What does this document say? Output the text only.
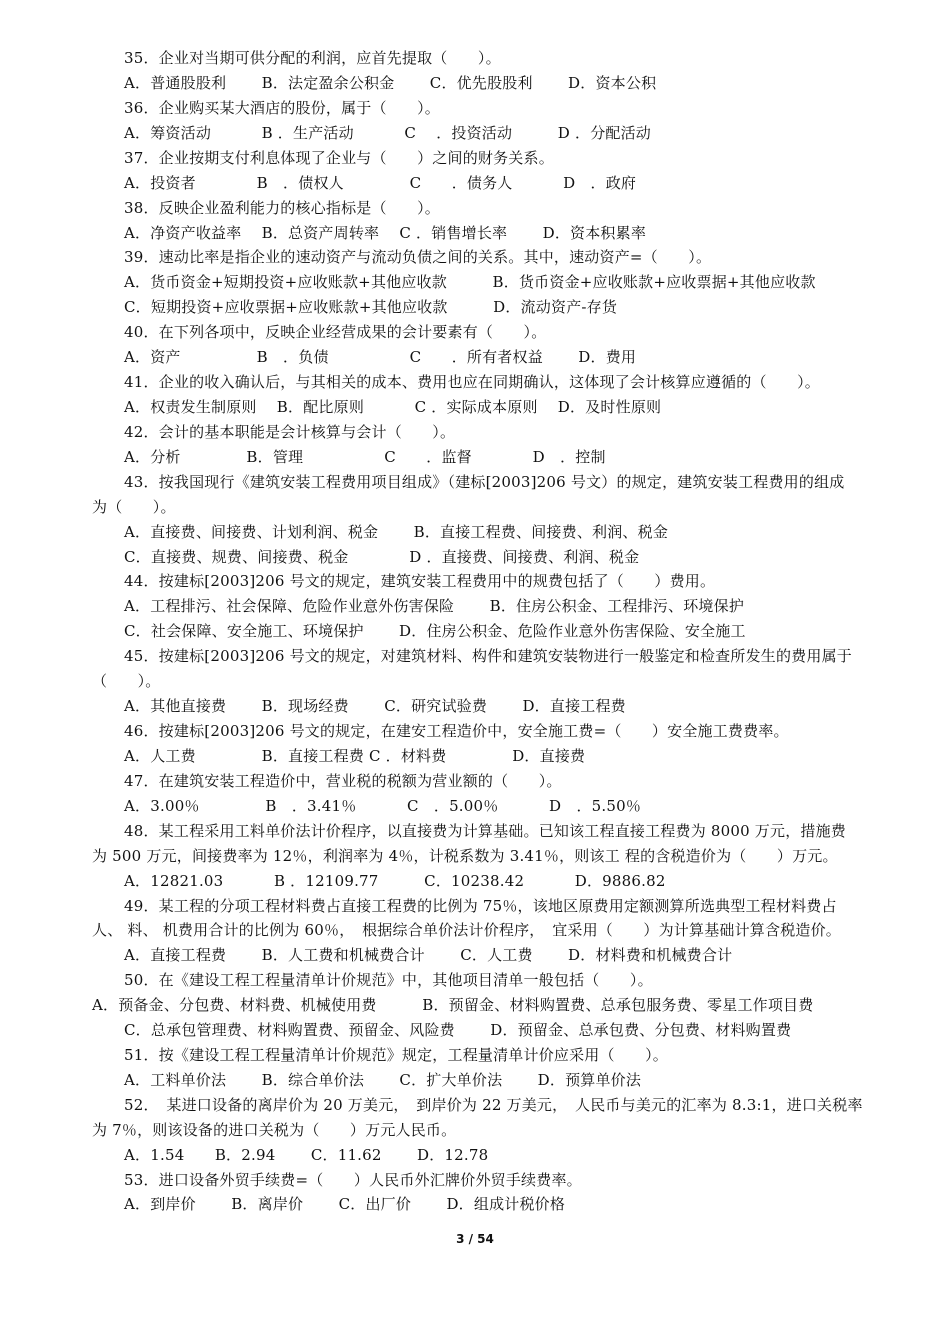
35．企业对当期可供分配的利润，应首先提取（　　）。
A．普通股股利　　 B．法定盈余公积金　　 C．优先股股利　　 D．资本公积
36．企业购买某大酒店的股份，属于（　　）。
A．筹资活动　　　 B ．生产活动　　　 C　 ．投资活动　　　D ．分配活动
37．企业按期支付利息体现了企业与（　　）之间的财务关系。
A．投资者　　　　B　．债权人　　　　 C　　．债务人　　　 D　．政府
38．反映企业盈利能力的核心指标是（　　）。
A．净资产收益率　 B．总资产周转率　 C ．销售增长率　　 D．资本积累率
39．速动比率是指企业的速动资产与流动负债之间的关系。其中，速动资产=（　　）。
A．货币资金+短期投资+应收账款+其他应收款　　　B．货币资金+应收账款+应收票据+其他应收款
C．短期投资+应收票据+应收账款+其他应收款　　　D．流动资产-存货
40．在下列各项中，反映企业经营成果的会计要素有（　　）。
A．资产　　　　　B　．负债　　　　　 C　　．所有者权益　　 D．费用
41．企业的收入确认后，与其相关的成本、费用也应在同期确认，这体现了会计核算应遵循的（　　）。
A．权责发生制原则　 B．配比原则　　　 C ．实际成本原则　 D．及时性原则
42．会计的基本职能是会计核算与会计（　　）。
A．分析　　　　 B．管理　　　　　 C　　．监督　　　　D　．控制
43．按我国现行《建筑安装工程费用项目组成》（建标[2003]206 号文）的规定，建筑安装工程费用的组成
为（　　）。
A．直接费、间接费、计划利润、税金　　 B．直接工程费、间接费、利润、税金
C．直接费、规费、间接费、税金　　　　D ．直接费、间接费、利润、税金
44．按建标[2003]206 号文的规定，建筑安装工程费用中的规费包括了（　　）费用。
A．工程排污、社会保障、危险作业意外伤害保险　　 B．住房公积金、工程排污、环境保护
C．社会保障、安全施工、环境保护　　 D．住房公积金、危险作业意外伤害保险、安全施工
45．按建标[2003]206 号文的规定，对建筑材料、构件和建筑安装物进行一般鉴定和检查所发生的费用属于
（　　）。
A．其他直接费　　 B．现场经费　　 C．研究试验费　　 D．直接工程费
46．按建标[2003]206 号文的规定，在建安工程造价中，安全施工费=（　　）安全施工费费率。
A．人工费　　　　 B．直接工程费 C ．材料费　　　　 D．直接费
47．在建筑安装工程造价中，营业税的税额为营业额的（　　）。
A．3.00％　　　　 B　．3.41％　　　 C　．5.00％　　　 D　．5.50％
48．某工程采用工料单价法计价程序，以直接费为计算基础。已知该工程直接工程费为 8000 万元，措施费
为 500 万元，间接费率为 12％，利润率为 4％，计税系数为 3.41％，则该工 程的含税造价为（　　）万元。
A．12821.03　　　 B ．12109.77　　　C．10238.42　　　 D．9886.82
49．某工程的分项工程材料费占直接工程费的比例为 75％，该地区原费用定额测算所选典型工程材料费占
人、 料、 机费用合计的比例为 60％，　根据综合单价法计价程序，　宜采用（　　）为计算基础计算含税造价。
A．直接工程费　　 B．人工费和机械费合计　　 C．人工费　　 D．材料费和机械费合计
50．在《建设工程工程量清单计价规范》中，其他项目清单一般包括（　　）。
A．预备金、分包费、材料费、机械使用费　　　B．预留金、材料购置费、总承包服务费、零星工作项目费
C．总承包管理费、材料购置费、预留金、风险费　　 D．预留金、总承包费、分包费、材料购置费
51．按《建设工程工程量清单计价规范》规定，工程量清单计价应采用（　　）。
A．工料单价法　　 B．综合单价法　　 C．扩大单价法　　 D．预算单价法
52．　某进口设备的离岸价为 20 万美元，　到岸价为 22 万美元，　人民币与美元的汇率为 8.3:1，进口关税率
为 7％，则该设备的进口关税为（　　）万元人民币。
A．1.54　　B．2.94　　 C．11.62　　 D．12.78
53．进口设备外贸手续费=（　　）人民币外汇牌价外贸手续费率。
A．到岸价　　 B．离岸价　　 C．出厂价　　 D．组成计税价格
3 / 54
